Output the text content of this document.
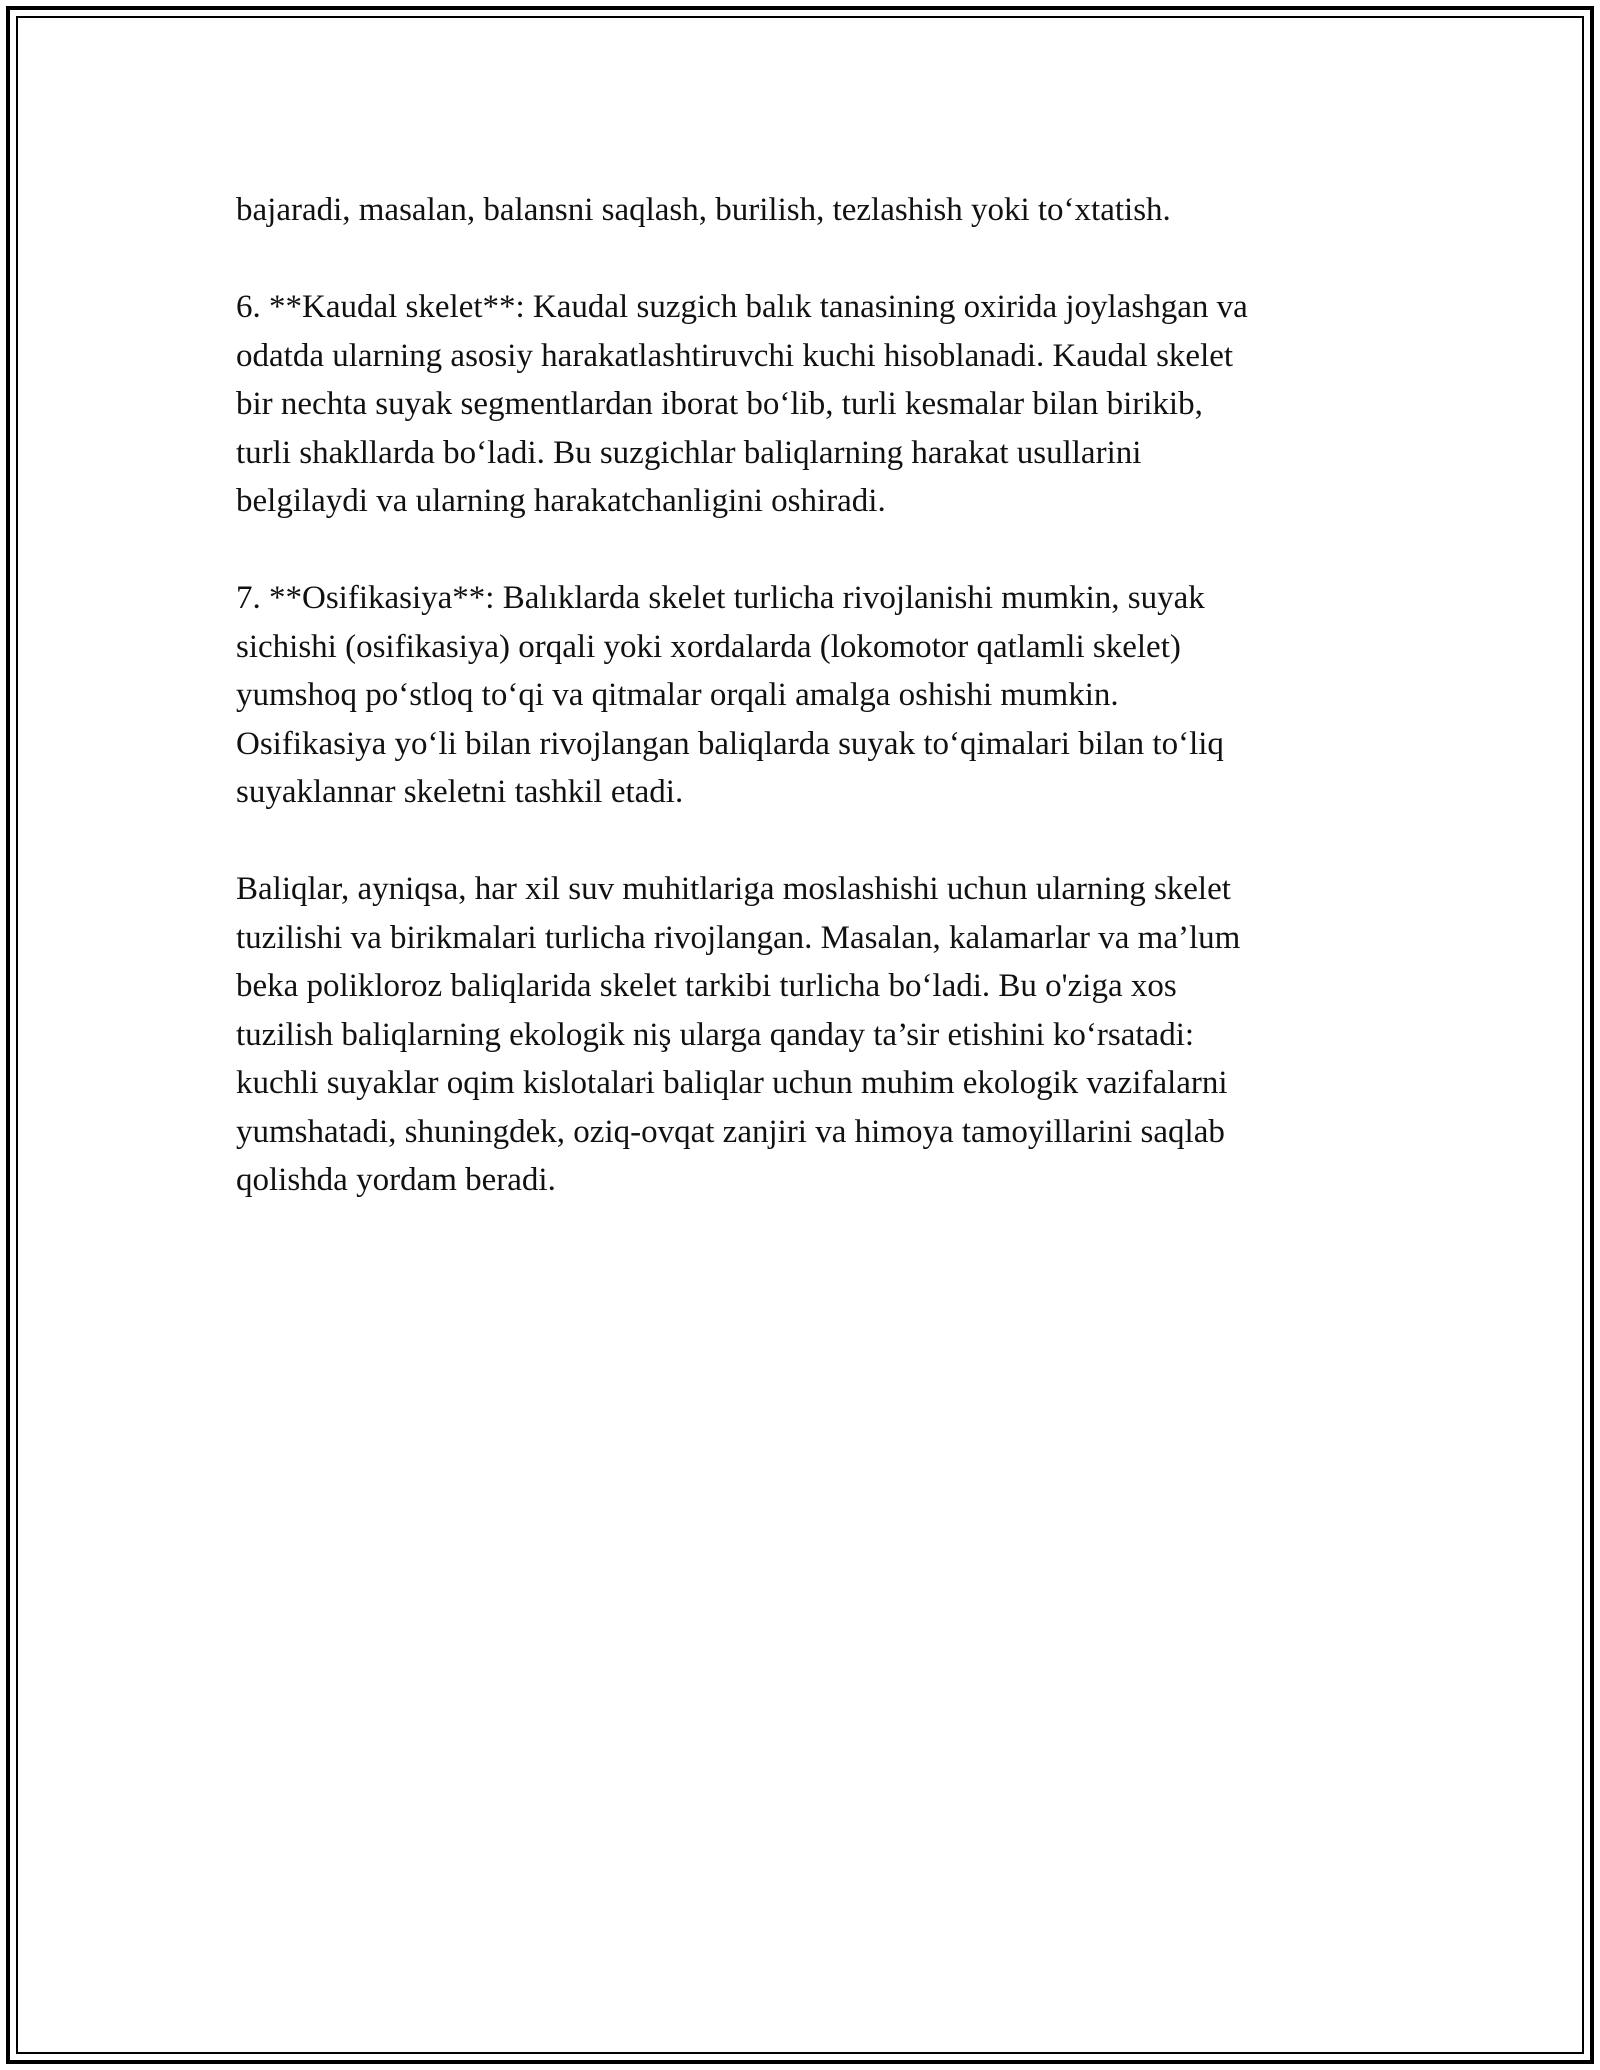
bajaradi, masalan, balansni saqlash, burilish, tezlashish yoki to‘xtatish.

6. **Kaudal skelet**: Kaudal suzgich balık tanasining oxirida joylashgan va
odatda ularning asosiy harakatlashtiruvchi kuchi hisoblanadi. Kaudal skelet
bir nechta suyak segmentlardan iborat bo‘lib, turli kesmalar bilan birikib,
turli shakllarda bo‘ladi. Bu suzgichlar baliqlarning harakat usullarini
belgilaydi va ularning harakatchanligini oshiradi.

7. **Osifikasiya**: Balıklarda skelet turlicha rivojlanishi mumkin, suyak
sichishi (osifikasiya) orqali yoki xordalarda (lokomotor qatlamli skelet)
yumshoq po‘stloq to‘qi va qitmalar orqali amalga oshishi mumkin.
Osifikasiya yo‘li bilan rivojlangan baliqlarda suyak to‘qimalari bilan to‘liq
suyaklannar skeletni tashkil etadi.

Baliqlar, ayniqsa, har xil suv muhitlariga moslashishi uchun ularning skelet
tuzilishi va birikmalari turlicha rivojlangan. Masalan, kalamarlar va ma’lum
beka polikloroz baliqlarida skelet tarkibi turlicha bo‘ladi. Bu o'ziga xos
tuzilish baliqlarning ekologik niş ularga qanday ta’sir etishini ko‘rsatadi:
kuchli suyaklar oqim kislotalari baliqlar uchun muhim ekologik vazifalarni
yumshatadi, shuningdek, oziq-ovqat zanjiri va himoya tamoyillarini saqlab
qolishda yordam beradi.
